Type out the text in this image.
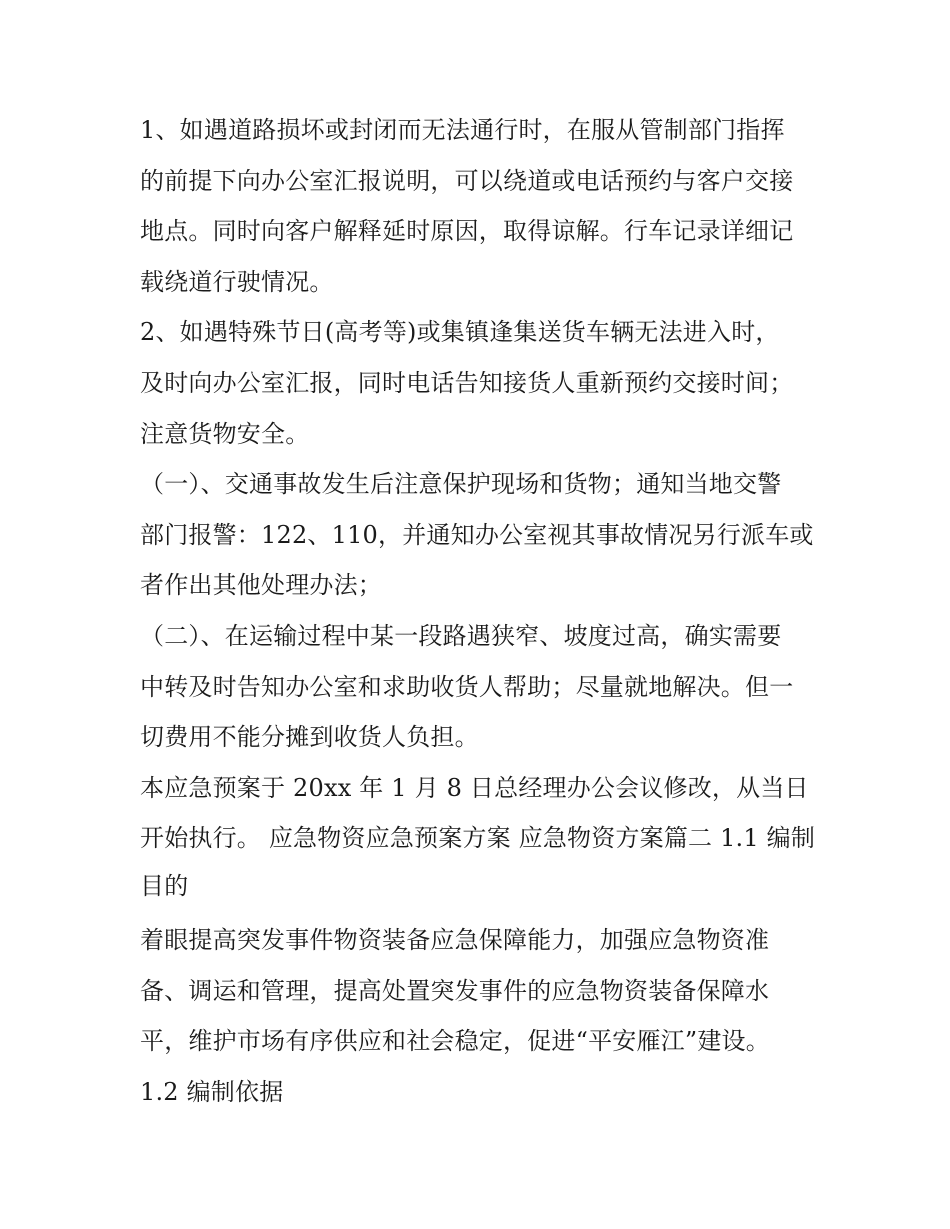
1、如遇道路损坏或封闭而无法通行时，在服从管制部门指挥
的前提下向办公室汇报说明，可以绕道或电话预约与客户交接
地点。同时向客户解释延时原因，取得谅解。行车记录详细记
载绕道行驶情况。
2、如遇特殊节日(高考等)或集镇逢集送货车辆无法进入时，
及时向办公室汇报，同时电话告知接货人重新预约交接时间；
注意货物安全。
（一）、交通事故发生后注意保护现场和货物；通知当地交警
部门报警：122、110，并通知办公室视其事故情况另行派车或
者作出其他处理办法；
（二）、在运输过程中某一段路遇狭窄、坡度过高，确实需要
中转及时告知办公室和求助收货人帮助；尽量就地解决。但一
切费用不能分摊到收货人负担。
本应急预案于 20xx 年 1 月 8 日总经理办公会议修改，从当日
开始执行。 应急物资应急预案方案 应急物资方案篇二 1.1 编制
目的
着眼提高突发事件物资装备应急保障能力，加强应急物资准
备、调运和管理，提高处置突发事件的应急物资装备保障水
平，维护市场有序供应和社会稳定，促进“平安雁江”建设。
1.2 编制依据
